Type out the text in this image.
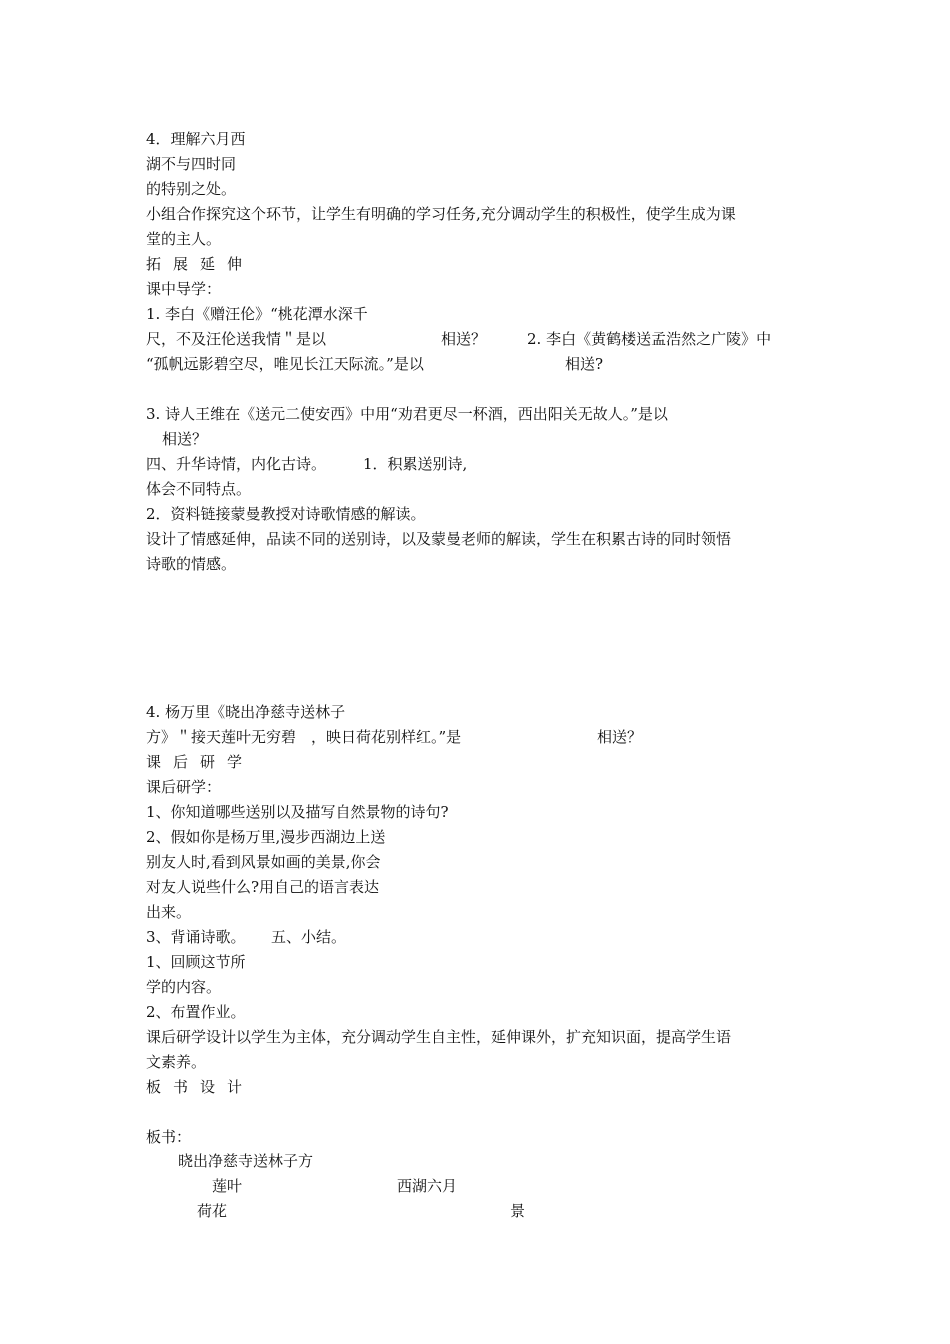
4．理解六月西

湖不与四时同

的特别之处。

小组合作探究这个环节，让学生有明确的学习任务,充分调动学生的积极性，使学生成为课

堂的主人。

拓展延伸

课中导学：

1. 李白《赠汪伦》“桃花潭水深千

尺，不及汪伦送我情＂是以	相送？	2. 李白《黄鹤楼送孟浩然之广陵》中

“孤帆远影碧空尽，唯见长江天际流。”是以	相送?

3. 诗人王维在《送元二使安西》中用“劝君更尽一杯酒，西出阳关无故人。”是以

相送？

四、升华诗情，内化古诗。 1．积累送别诗,

体会不同特点。

2．资料链接蒙曼教授对诗歌情感的解读。

设计了情感延伸，品读不同的送别诗，以及蒙曼老师的解读，学生在积累古诗的同时领悟

诗歌的情感。

4. 杨万里《晓出净慈寺送林子

方》＂接天莲叶无穷碧　，映日荷花别样红。”是	相送？

课后研学

课后研学：

1、你知道哪些送别以及描写自然景物的诗句?

2、假如你是杨万里,漫步西湖边上送

别友人时,看到风景如画的美景,你会

对友人说些什么?用自己的语言表达

出来。

3、背诵诗歌。 五、小结。

1、回顾这节所

学的内容。

2、布置作业。

课后研学设计以学生为主体，充分调动学生自主性，延伸课外，扩充知识面，提高学生语

文素养。

板书设计

板书：

晓出净慈寺送林子方

莲叶	西湖六月

荷花	景
